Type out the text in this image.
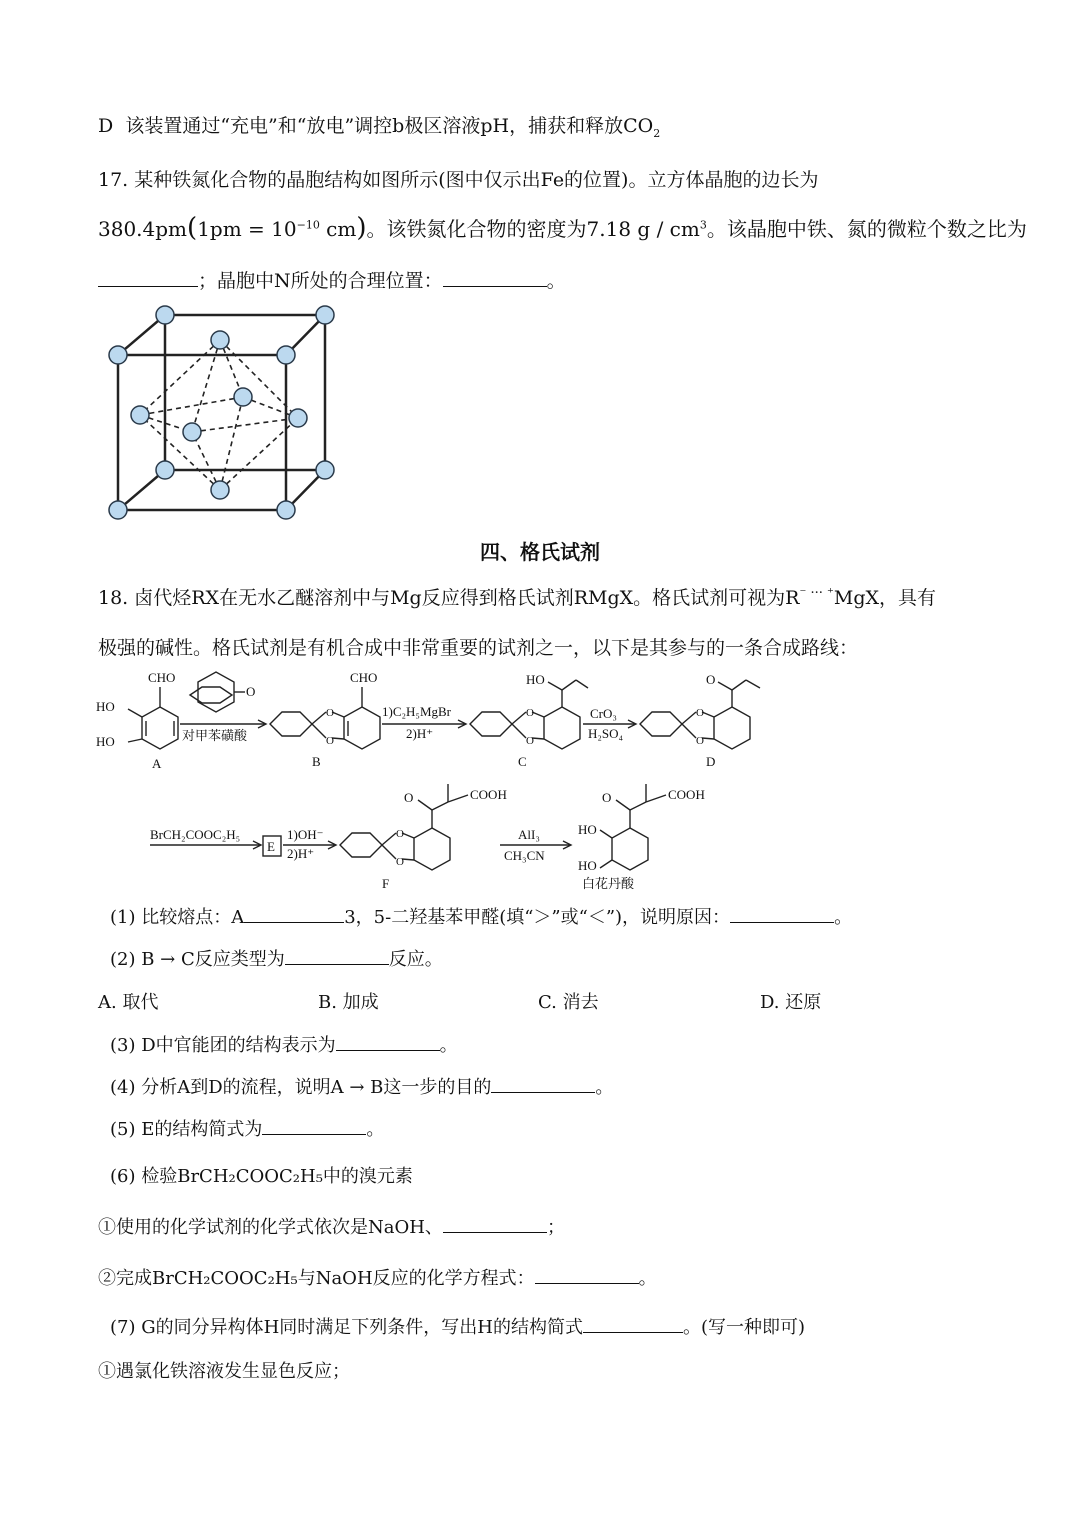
D 该装置通过“充电”和“放电”调控b极区溶液pH，捕获和释放$CO_2$
17. 某种铁氮化合物的晶胞结构如图所示(图中仅示出Fe的位置)。立方体晶胞的边长为
$380.4pm(1pm = 10^{-10}$ cm)。该铁氮化合物的密度为7.18 g / $cm^3$。该晶胞中铁、氮的微粒个数之比为
；晶胞中N所处的合理位置：	。
四、格氏试剂
18. 卤代烃RX在无水乙醚溶剂中与Mg反应得到格氏试剂RMgX。格氏试剂可视为R⁻ ··· ⁺MgX，具有
极强的碱性。格氏试剂是有机合成中非常重要的试剂之一，以下是其参与的一条合成路线：
CHO
HO
HO
A
O
对甲苯磺酸
CHO
O
O
B
1)C₂H₅MgBr
2)H⁺
O
O
HO
C
CrO₃
H₂SO₄
O
O
O
D
BrCH₂COOC₂H₅
E
1)OH⁻
2)H⁺
O
O
O	COOH
F
AlI₃
CH₃CN
O	COOH
HO
HO
白花丹酸
(1) 比较熔点：A	3，5-二羟基苯甲醛(填“＞”或“＜”)，说明原因：	。
(2) B → C反应类型为	反应。
A. 取代	B. 加成	C. 消去	D. 还原
(3) D中官能团的结构表示为	。
(4) 分析A到D的流程，说明A → B这一步的目的	。
(5) E的结构简式为	。
(6) 检验BrCH₂COOC₂H₅中的溴元素
①使用的化学试剂的化学式依次是NaOH、	；
②完成BrCH₂COOC₂H₅与NaOH反应的化学方程式：	。
(7) G的同分异构体H同时满足下列条件，写出H的结构简式	。(写一种即可)
①遇氯化铁溶液发生显色反应；
